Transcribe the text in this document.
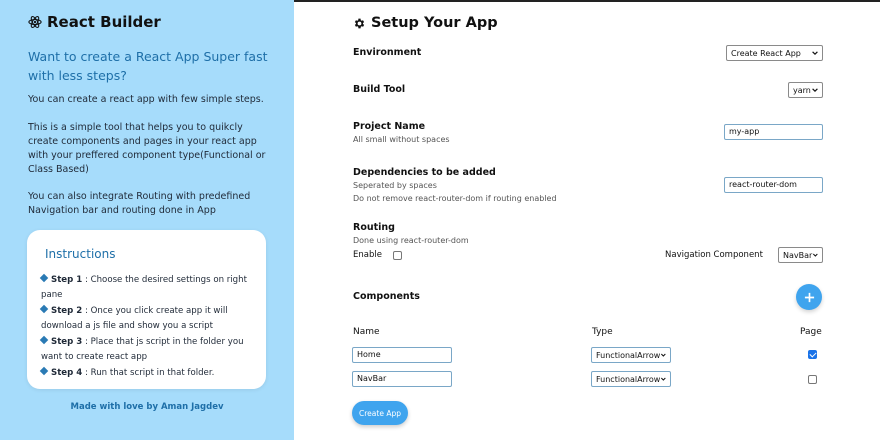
React Builder
Want to create a React App Super fast with less steps?
You can create a react app with few simple steps.
This is a simple tool that helps you to quikcly create components and pages in your react app with your preffered component type(Functional or Class Based)
You can also integrate Routing with predefined Navigation bar and routing done in App
Instructions
Step 1 : Choose the desired settings on right pane
Step 2 : Once you click create app it will download a js file and show you a script
Step 3 : Place that js script in the folder you want to create react app
Step 4 : Run that script in that folder.
Made with love by Aman Jagdev
Setup Your App
Environment	Create React App
Build Tool	yarn
Project Name
All small without spaces
my-app
Dependencies to be added
Seperated by spaces
Do not remove react-router-dom if routing enabled
react-router-dom
Routing
Done using react-router-dom
Enable	Navigation Component	NavBar
Components
Name	Type	Page
Home	FunctionalArrow
NavBar	FunctionalArrow
Create App
